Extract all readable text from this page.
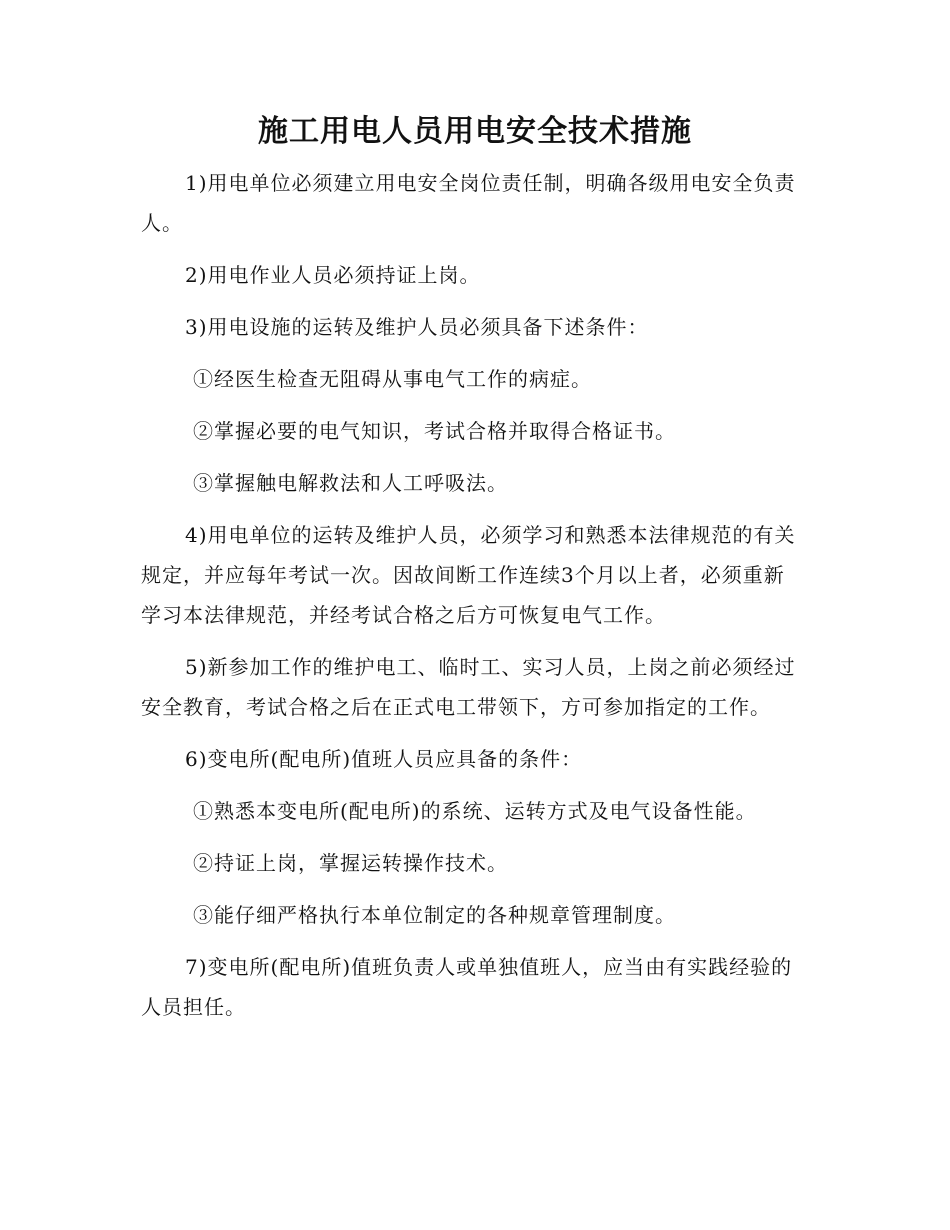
施工用电人员用电安全技术措施

1)用电单位必须建立用电安全岗位责任制，明确各级用电安全负责人。

2)用电作业人员必须持证上岗。

3)用电设施的运转及维护人员必须具备下述条件：

①经医生检查无阻碍从事电气工作的病症。

②掌握必要的电气知识，考试合格并取得合格证书。

③掌握触电解救法和人工呼吸法。

4)用电单位的运转及维护人员，必须学习和熟悉本法律规范的有关规定，并应每年考试一次。因故间断工作连续3个月以上者，必须重新学习本法律规范，并经考试合格之后方可恢复电气工作。

5)新参加工作的维护电工、临时工、实习人员，上岗之前必须经过安全教育，考试合格之后在正式电工带领下，方可参加指定的工作。

6)变电所(配电所)值班人员应具备的条件：

①熟悉本变电所(配电所)的系统、运转方式及电气设备性能。

②持证上岗，掌握运转操作技术。

③能仔细严格执行本单位制定的各种规章管理制度。

7)变电所(配电所)值班负责人或单独值班人，应当由有实践经验的人员担任。
